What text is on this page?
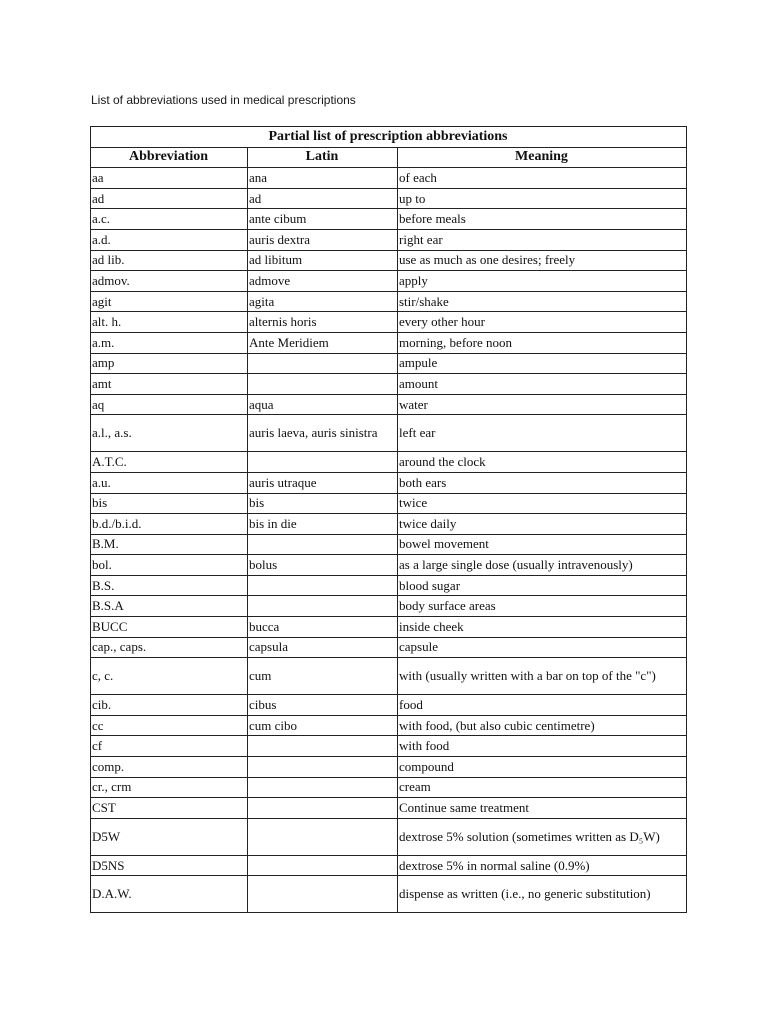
List of abbreviations used in medical prescriptions
Partial list of prescription abbreviations		
Abbreviation	Latin	Meaning
aa	ana	of each
ad	ad	up to
a.c.	ante cibum	before meals
a.d.	auris dextra	right ear
ad lib.	ad libitum	use as much as one desires; freely
admov.	admove	apply
agit	agita	stir/shake
alt. h.	alternis horis	every other hour
a.m.	Ante Meridiem	morning, before noon
amp		ampule
amt		amount
aq	aqua	water
a.l., a.s.	auris laeva, auris sinistra	left ear
A.T.C.		around the clock
a.u.	auris utraque	both ears
bis	bis	twice
b.d./b.i.d.	bis in die	twice daily
B.M.		bowel movement
bol.	bolus	as a large single dose (usually intravenously)
B.S.		blood sugar
B.S.A		body surface areas
BUCC	bucca	inside cheek
cap., caps.	capsula	capsule
c, c.	cum	with (usually written with a bar on top of the "c")
cib.	cibus	food
cc	cum cibo	with food, (but also cubic centimetre)
cf		with food
comp.		compound
cr., crm		cream
CST		Continue same treatment
D5W		dextrose 5% solution (sometimes written as D₅W)
D5NS		dextrose 5% in normal saline (0.9%)
D.A.W.		dispense as written (i.e., no generic substitution)
